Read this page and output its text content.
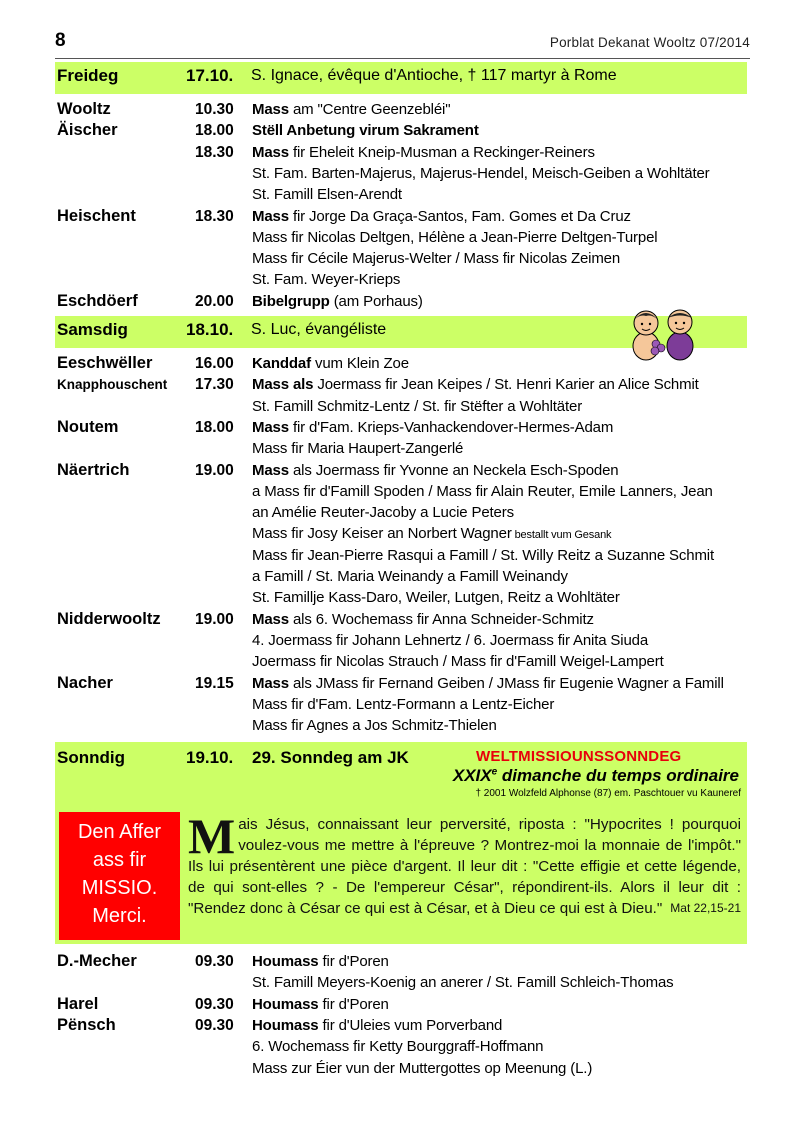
8	Porblat Dekanat Wooltz 07/2014
Freideg	17.10. S. Ignace, évêque d'Antioche, † 117 martyr à Rome
Wooltz	10.30 Mass am "Centre Geenzebléi"
Äischer	18.00 Stëll Anbetung virum Sakrament
18.30 Mass fir Eheleit Kneip-Musman a Reckinger-Reiners
St. Fam. Barten-Majerus, Majerus-Hendel, Meisch-Geiben a Wohltäter
St. Famill Elsen-Arendt
Heischent	18.30 Mass fir Jorge Da Graça-Santos, Fam. Gomes et Da Cruz
Mass fir Nicolas Deltgen, Hélène a Jean-Pierre Deltgen-Turpel
Mass fir Cécile Majerus-Welter / Mass fir Nicolas Zeimen
St. Fam. Weyer-Krieps
Eschdöerf	20.00 Bibelgrupp (am Porhaus)
Samsdig	18.10. S. Luc, évangéliste
Eeschwëller	16.00 Kanddaf vum Klein Zoe
Knapphouschent 17.30 Mass als Joermass fir Jean Keipes / St. Henri Karier an Alice Schmit
St. Famill Schmitz-Lentz / St. fir Stëfter a Wohltäter
Noutem	18.00 Mass fir d'Fam. Krieps-Vanhackendover-Hermes-Adam
Mass fir Maria Haupert-Zangerlé
Näertrich	19.00 Mass als Joermass fir Yvonne an Neckela Esch-Spoden
a Mass fir d'Famill Spoden / Mass fir Alain Reuter, Emile Lanners, Jean
an Amélie Reuter-Jacoby a Lucie Peters
Mass fir Josy Keiser an Norbert Wagner bestallt vum Gesank
Mass fir Jean-Pierre Rasqui a Famill / St. Willy Reitz a Suzanne Schmit
a Famill / St. Maria Weinandy a Famill Weinandy
St. Famillje Kass-Daro, Weiler, Lutgen, Reitz a Wohltäter
Nidderwooltz 19.00 Mass als 6. Wochemass fir Anna Schneider-Schmitz
4. Joermass fir Johann Lehnertz / 6. Joermass fir Anita Siuda
Joermass fir Nicolas Strauch / Mass fir d'Famill Weigel-Lampert
Nacher	19.15 Mass als JMass fir Fernand Geiben / JMass fir Eugenie Wagner a Famill
Mass fir d'Fam. Lentz-Formann a Lentz-Eicher
Mass fir Agnes a Jos Schmitz-Thielen
Sonndig	19.10. 29. Sonndeg am JK	WELTMISSIOUNSSONNDEG
XXIXe dimanche du temps ordinaire
† 2001 Wolzfeld Alphonse (87) em. Paschtouer vu Kauneref
Den Affer
ass fir
MISSIO.
Merci.
Mais Jésus, connaissant leur perversité, riposta : "Hypocrites ! pourquoi voulez-vous me mettre à l'épreuve ? Montrez-moi la monnaie de l'impôt." Ils lui présentèrent une pièce d'argent. Il leur dit : "Cette effigie et cette légende, de qui sont-elles ? - De l'empereur César", répondirent-ils. Alors il leur dit : "Rendez donc à César ce qui est à César, et à Dieu ce qui est à Dieu." Mat 22,15-21
D.-Mecher	09.30 Houmass fir d'Poren
St. Famill Meyers-Koenig an anerer / St. Famill Schleich-Thomas
Harel	09.30 Houmass fir d'Poren
Pënsch	09.30 Houmass fir d'Uleies vum Porverband
6. Wochemass fir Ketty Bourggraff-Hoffmann
Mass zur Éier vun der Muttergottes op Meenung (L.)
